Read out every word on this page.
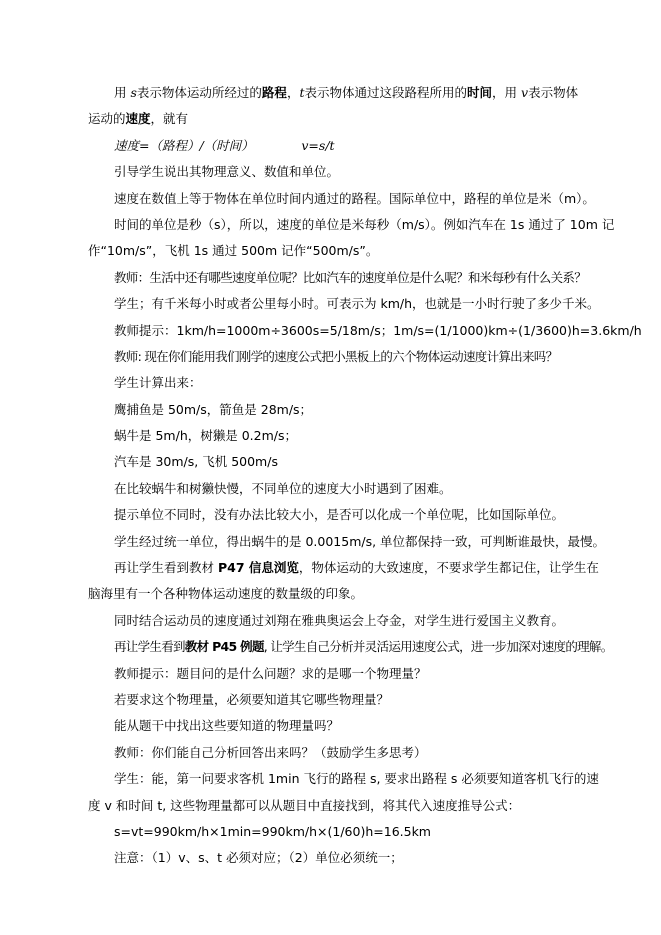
用 s表示物体运动所经过的路程，t表示物体通过这段路程所用的时间，用 v表示物体
运动的速度，就有
速度=（路程）/（时间）            v=s/t
引导学生说出其物理意义、数值和单位。
速度在数值上等于物体在单位时间内通过的路程。国际单位中，路程的单位是米（m）。
时间的单位是秒（s），所以，速度的单位是米每秒（m/s）。例如汽车在 1s 通过了 10m 记
作“10m/s”，飞机 1s 通过 500m 记作“500m/s”。
教师：生活中还有哪些速度单位呢？比如汽车的速度单位是什么呢？和米每秒有什么关系？
学生；有千米每小时或者公里每小时。可表示为 km/h，也就是一小时行驶了多少千米。
教师提示：1km/h=1000m÷3600s=5/18m/s；1m/s=(1/1000)km÷(1/3600)h=3.6km/h
教师: 现在你们能用我们刚学的速度公式把小黑板上的六个物体运动速度计算出来吗？
学生计算出来：
鹰捕鱼是 50m/s，箭鱼是 28m/s；
蜗牛是 5m/h，树獭是 0.2m/s；
汽车是 30m/s, 飞机 500m/s
在比较蜗牛和树獭快慢，不同单位的速度大小时遇到了困难。
提示单位不同时，没有办法比较大小，是否可以化成一个单位呢，比如国际单位。
学生经过统一单位，得出蜗牛的是 0.0015m/s, 单位都保持一致，可判断谁最快，最慢。
再让学生看到教材 P47 信息浏览，物体运动的大致速度，不要求学生都记住，让学生在
脑海里有一个各种物体运动速度的数量级的印象。
同时结合运动员的速度通过刘翔在雅典奥运会上夺金，对学生进行爱国主义教育。
再让学生看到教材 P45 例题, 让学生自己分析并灵活运用速度公式，进一步加深对速度的理解。
教师提示：题目问的是什么问题？求的是哪一个物理量？
若要求这个物理量，必须要知道其它哪些物理量？
能从题干中找出这些要知道的物理量吗？
教师：你们能自己分析回答出来吗？（鼓励学生多思考）
学生：能，第一问要求客机 1min 飞行的路程 s, 要求出路程 s 必须要知道客机飞行的速
度 v 和时间 t, 这些物理量都可以从题目中直接找到，将其代入速度推导公式：
s=vt=990km/h×1min=990km/h×(1/60)h=16.5km
注意：（1）v、s、t 必须对应；（2）单位必须统一；
